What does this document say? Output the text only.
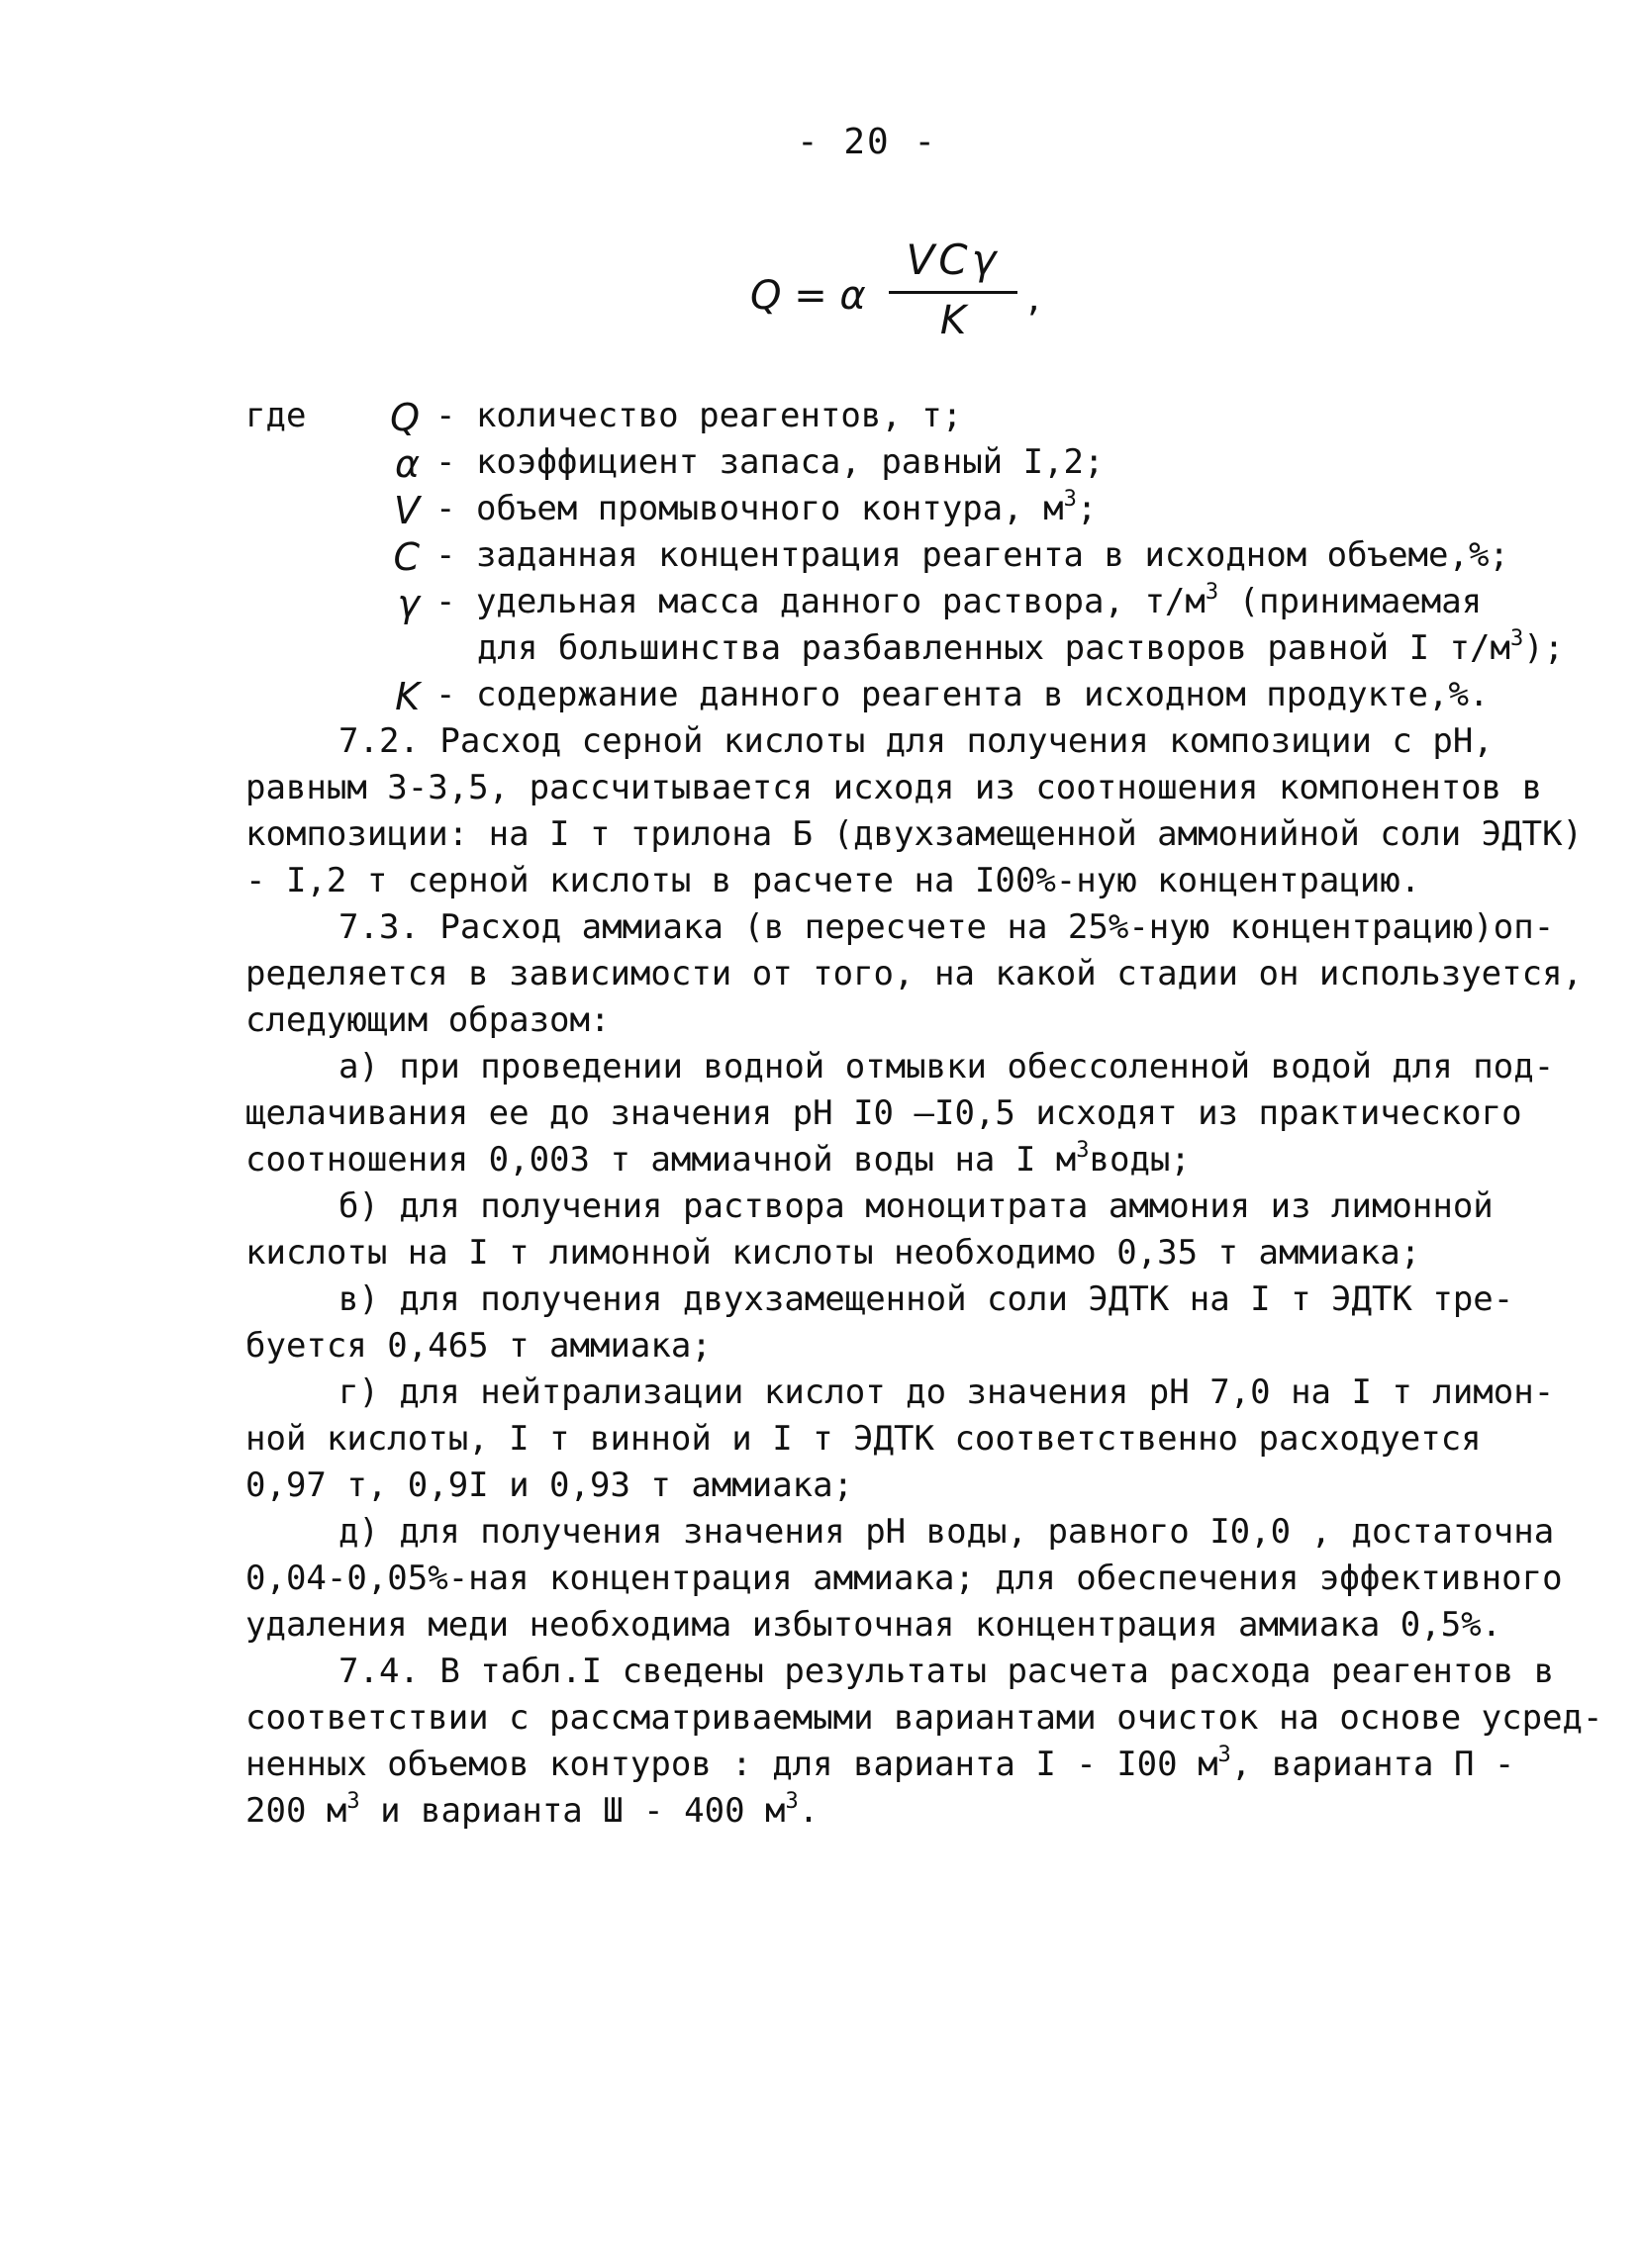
- 20 -
Q = α
VCγ
K	,
где	Q - количество реагентов, т;
α - коэффициент запаса, равный I,2;
V - объем промывочного контура, $м^3$;
C - заданная концентрация реагента в исходном объеме,%;
γ - удельная масса данного раствора, $т/м^3$ (принимаемая
для большинства разбавленных растворов равной I $т/м^3$);
K - содержание данного реагента в исходном продукте,%.
7.2. Расход серной кислоты для получения композиции с рН,
равным 3-3,5, рассчитывается исходя из соотношения компонентов в
композиции: на I т трилона Б (двухзамещенной аммонийной соли ЭДТК)
- I,2 т серной кислоты в расчете на I00%-ную концентрацию.
7.3. Расход аммиака (в пересчете на 25%-ную концентрацию)оп-
ределяется в зависимости от того, на какой стадии он используется,
следующим образом:
а) при проведении водной отмывки обессоленной водой для под-
щелачивания ее до значения рН I0 —I0,5 исходят из практического
соотношения 0,003 т аммиачной воды на I $м^3воды$;
б) для получения раствора моноцитрата аммония из лимонной
кислоты на I т лимонной кислоты необходимо 0,35 т аммиака;
в) для получения двухзамещенной соли ЭДТК на I т ЭДТК тре-
буется 0,465 т аммиака;
г) для нейтрализации кислот до значения рН 7,0 на I т лимон-
ной кислоты, I т винной и I т ЭДТК соответственно расходуется
0,97 т, 0,9I и 0,93 т аммиака;
д) для получения значения рН воды, равного I0,0 , достаточна
0,04-0,05%-ная концентрация аммиака; для обеспечения эффективного
удаления меди необходима избыточная концентрация аммиака 0,5%.
7.4. В табл.I сведены результаты расчета расхода реагентов в
соответствии с рассматриваемыми вариантами очисток на основе усред-
ненных объемов контуров : для варианта I - I00 $м^3$, варианта П -
200 $м^3$ и варианта Ш - 400 $м^3$.
